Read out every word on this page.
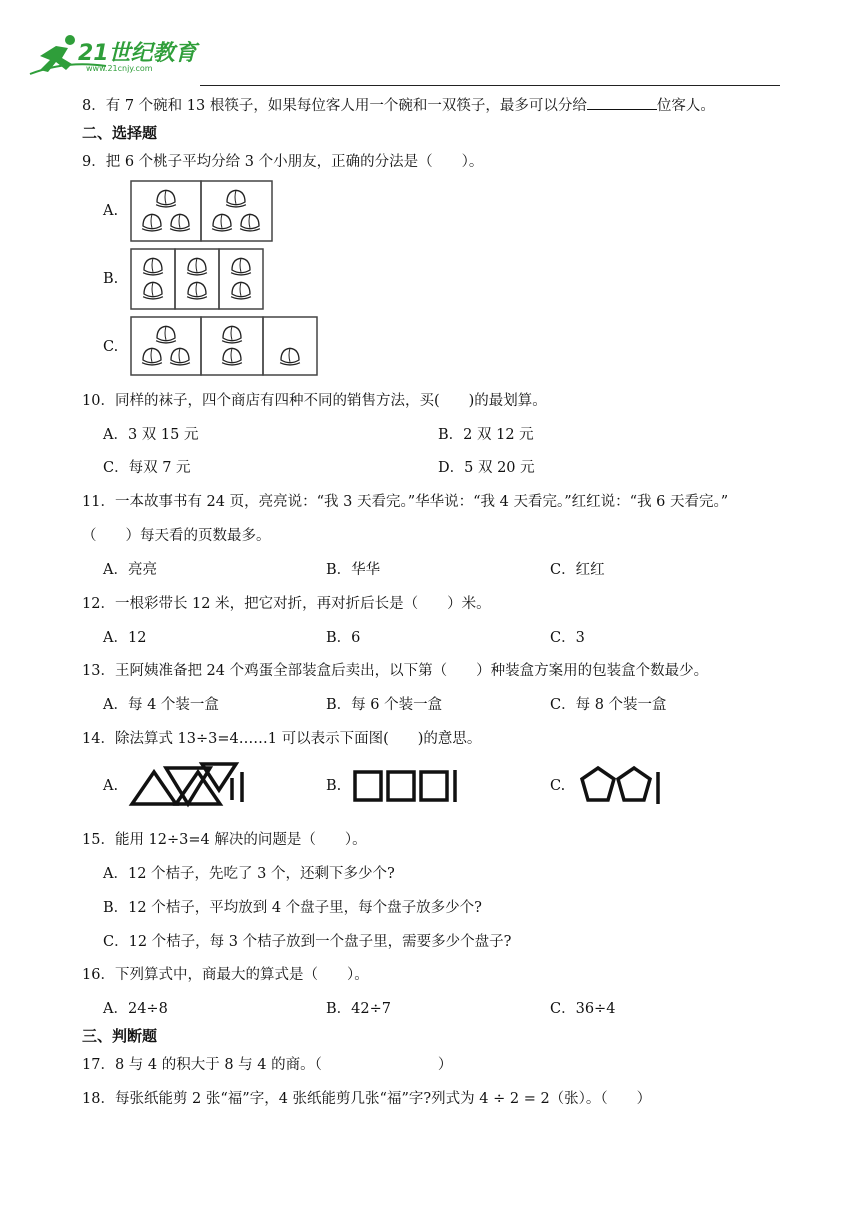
21世纪教育
www.21cnjy.com
8．有 7 个碗和 13 根筷子，如果每位客人用一个碗和一双筷子，最多可以分给	位客人。
二、选择题
9．把 6 个桃子平均分给 3 个小朋友，正确的分法是（　　）。
A.
B.
C.
10．同样的袜子，四个商店有四种不同的销售方法，买(　　)的最划算。
A．3 双 15 元	B．2 双 12 元
C．每双 7 元	D．5 双 20 元
11．一本故事书有 24 页，亮亮说：“我 3 天看完。”华华说：“我 4 天看完。”红红说：“我 6 天看完。”
（　　）每天看的页数最多。
A．亮亮	B．华华	C．红红
12．一根彩带长 12 米，把它对折，再对折后长是（　　）米。
A．12	B．6	C．3
13．王阿姨准备把 24 个鸡蛋全部装盒后卖出，以下第（　　）种装盒方案用的包装盒个数最少。
A．每 4 个装一盒	B．每 6 个装一盒	C．每 8 个装一盒
14．除法算式 13÷3=4……1 可以表示下面图(　　)的意思。
A.	B.	C.
15．能用 12÷3=4 解决的问题是（　　）。
A．12 个桔子，先吃了 3 个，还剩下多少个?
B．12 个桔子，平均放到 4 个盘子里，每个盘子放多少个?
C．12 个桔子，每 3 个桔子放到一个盘子里，需要多少个盘子?
16．下列算式中，商最大的算式是（　　）。
A．24÷8	B．42÷7	C．36÷4
三、判断题
17．8 与 4 的积大于 8 与 4 的商。（　　　　　　　　）
18．每张纸能剪 2 张“福”字，4 张纸能剪几张“福”字?列式为 4 ÷ 2 = 2（张）。（　　）
